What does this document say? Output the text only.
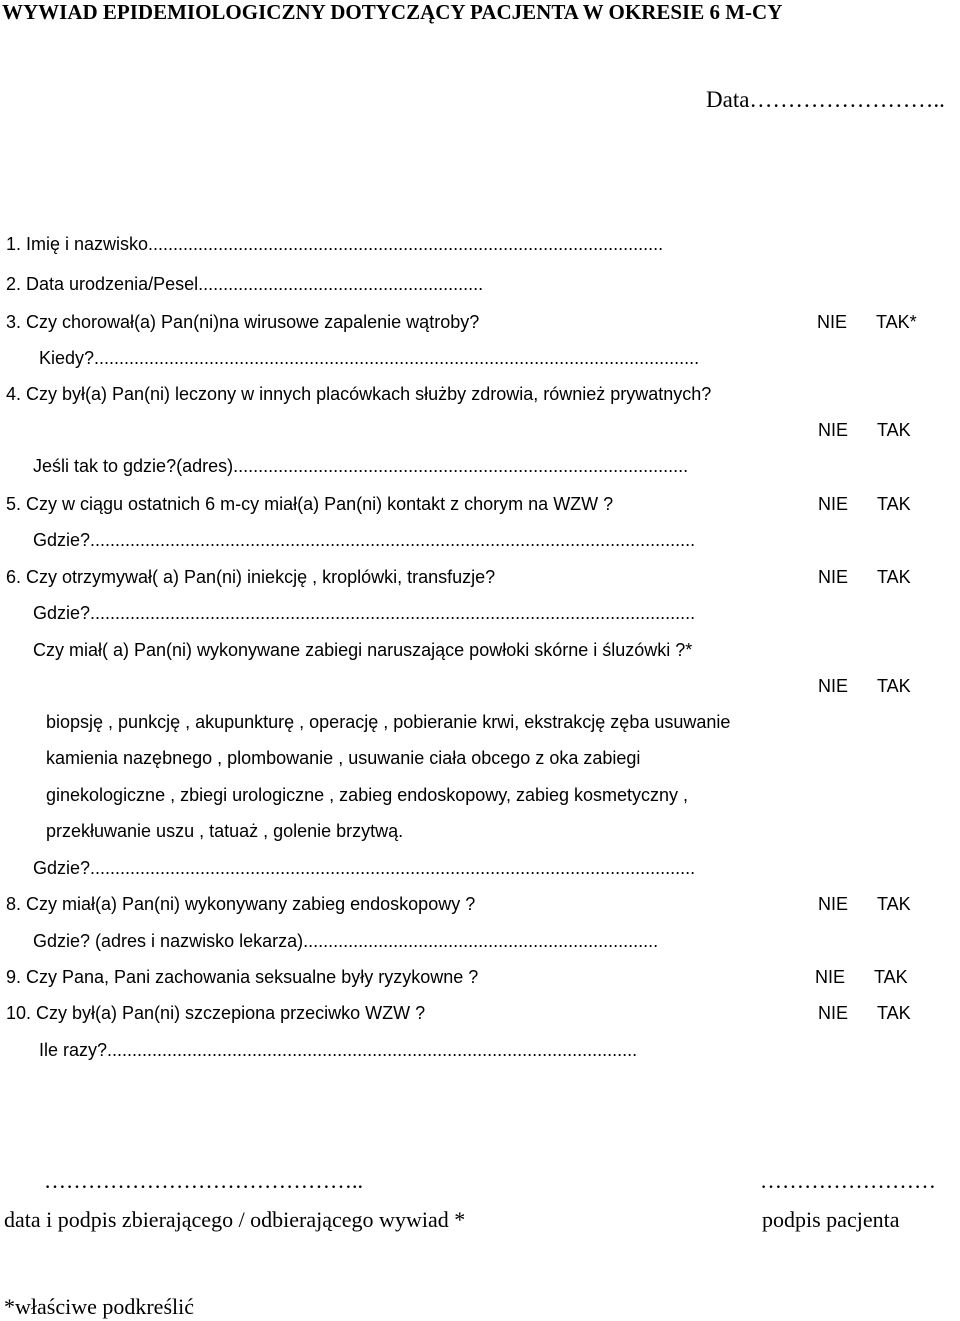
WYWIAD EPIDEMIOLOGICZNY DOTYCZĄCY PACJENTA W OKRESIE 6 M-CY
Data……………………..
1. Imię i nazwisko.......................................................................................................
2. Data urodzenia/Pesel.........................................................
3. Czy chorował(a) Pan(ni)na wirusowe zapalenie wątroby?	NIE TAK*
Kiedy?.........................................................................................................................
4. Czy był(a) Pan(ni) leczony w innych placówkach służby zdrowia, również prywatnych?
NIE TAK
Jeśli tak to gdzie?(adres)...........................................................................................
5. Czy w ciągu ostatnich 6 m-cy miał(a) Pan(ni) kontakt z chorym na WZW ?	NIE TAK
Gdzie?.........................................................................................................................
6. Czy otrzymywał( a) Pan(ni) iniekcję , kroplówki, transfuzje?	NIE TAK
Gdzie?.........................................................................................................................
Czy miał( a) Pan(ni) wykonywane zabiegi naruszające powłoki skórne i śluzówki ?*
NIE TAK
biopsję , punkcję , akupunkturę , operację , pobieranie krwi, ekstrakcję zęba usuwanie
kamienia nazębnego , plombowanie , usuwanie ciała obcego z oka zabiegi
ginekologiczne , zbiegi urologiczne , zabieg endoskopowy, zabieg kosmetyczny ,
przekłuwanie uszu , tatuaż , golenie brzytwą.
Gdzie?.........................................................................................................................
8. Czy miał(a) Pan(ni) wykonywany zabieg endoskopowy ?	NIE TAK
Gdzie? (adres i nazwisko lekarza).......................................................................
9. Czy Pana, Pani zachowania seksualne były ryzykowne ?	NIE TAK
10. Czy był(a) Pan(ni) szczepiona przeciwko WZW ?	NIE TAK
Ile razy?..........................................................................................................
……………………………………..	……………………
data i podpis zbierającego / odbierającego wywiad *	podpis pacjenta
*właściwe podkreślić
